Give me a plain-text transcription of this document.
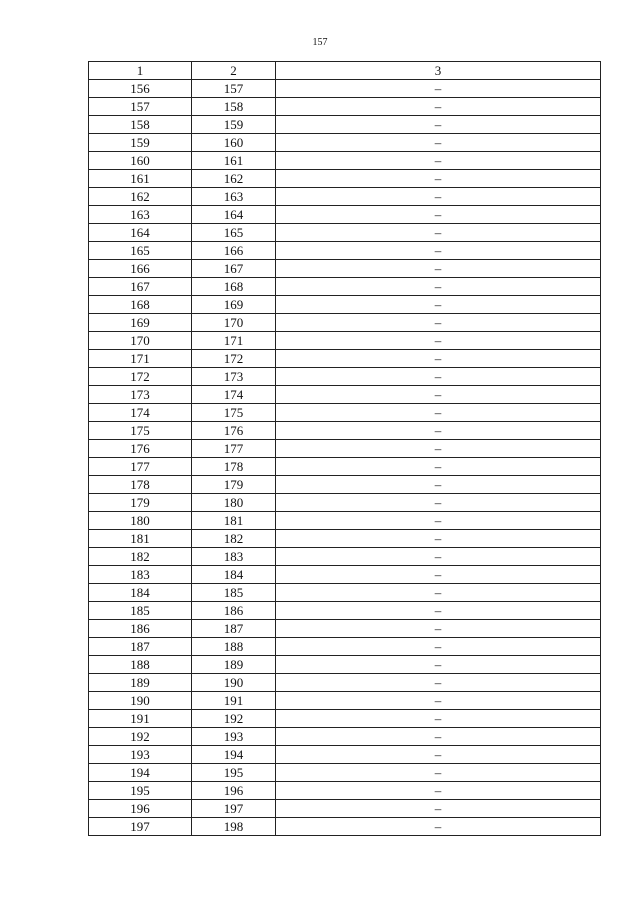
157
1	2	3
156	157	–
157	158	–
158	159	–
159	160	–
160	161	–
161	162	–
162	163	–
163	164	–
164	165	–
165	166	–
166	167	–
167	168	–
168	169	–
169	170	–
170	171	–
171	172	–
172	173	–
173	174	–
174	175	–
175	176	–
176	177	–
177	178	–
178	179	–
179	180	–
180	181	–
181	182	–
182	183	–
183	184	–
184	185	–
185	186	–
186	187	–
187	188	–
188	189	–
189	190	–
190	191	–
191	192	–
192	193	–
193	194	–
194	195	–
195	196	–
196	197	–
197	198	–
